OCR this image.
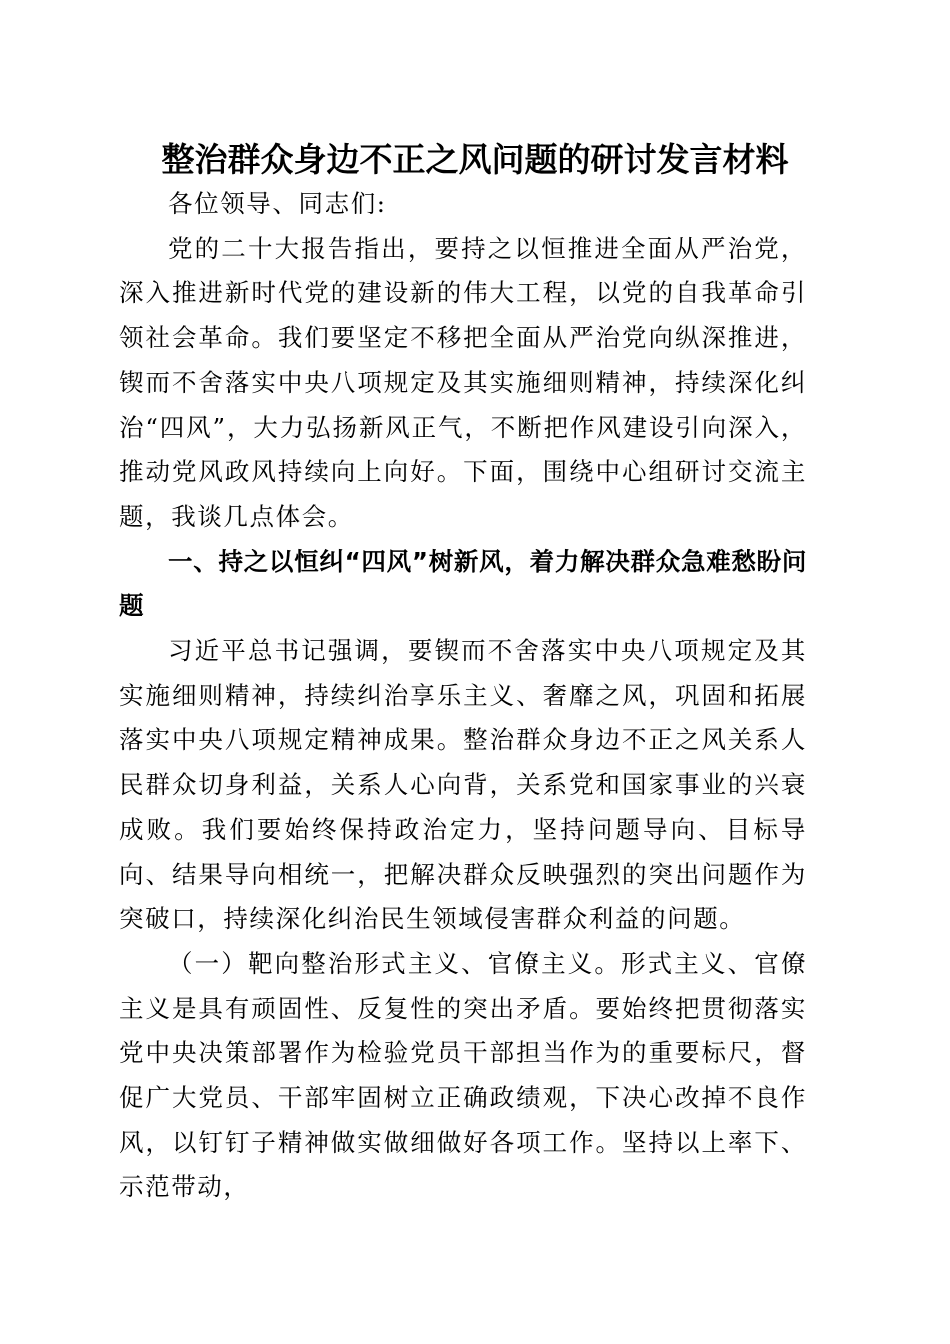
整治群众身边不正之风问题的研讨发言材料

各位领导、同志们:

党的二十大报告指出，要持之以恒推进全面从严治党，深入推进新时代党的建设新的伟大工程，以党的自我革命引领社会革命。我们要坚定不移把全面从严治党向纵深推进，锲而不舍落实中央八项规定及其实施细则精神，持续深化纠治“四风”，大力弘扬新风正气，不断把作风建设引向深入，推动党风政风持续向上向好。下面，围绕中心组研讨交流主题，我谈几点体会。

一、持之以恒纠“四风”树新风，着力解决群众急难愁盼问题

习近平总书记强调，要锲而不舍落实中央八项规定及其实施细则精神，持续纠治享乐主义、奢靡之风，巩固和拓展落实中央八项规定精神成果。整治群众身边不正之风关系人民群众切身利益，关系人心向背，关系党和国家事业的兴衰成败。我们要始终保持政治定力，坚持问题导向、目标导向、结果导向相统一，把解决群众反映强烈的突出问题作为突破口，持续深化纠治民生领域侵害群众利益的问题。

（一）靶向整治形式主义、官僚主义。形式主义、官僚主义是具有顽固性、反复性的突出矛盾。要始终把贯彻落实党中央决策部署作为检验党员干部担当作为的重要标尺，督促广大党员、干部牢固树立正确政绩观，下决心改掉不良作风，以钉钉子精神做实做细做好各项工作。坚持以上率下、示范带动，
